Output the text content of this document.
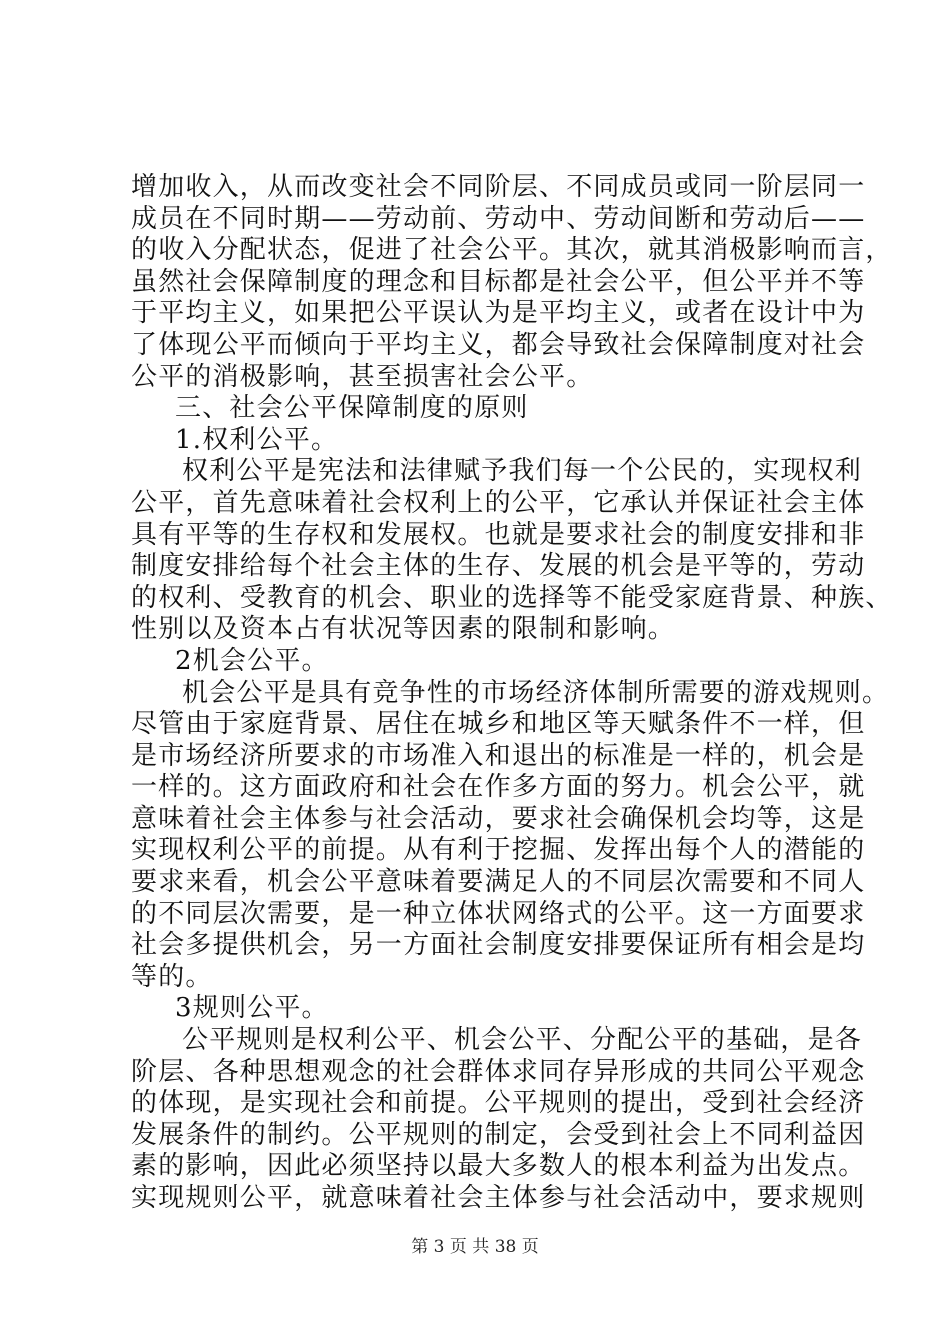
增加收入，从而改变社会不同阶层、不同成员或同一阶层同一
成员在不同时期——劳动前、劳动中、劳动间断和劳动后——
的收入分配状态，促进了社会公平。其次，就其消极影响而言，
虽然社会保障制度的理念和目标都是社会公平，但公平并不等
于平均主义，如果把公平误认为是平均主义，或者在设计中为
了体现公平而倾向于平均主义，都会导致社会保障制度对社会
公平的消极影响，甚至损害社会公平。
三、社会公平保障制度的原则
1.权利公平。
权利公平是宪法和法律赋予我们每一个公民的，实现权利
公平，首先意味着社会权利上的公平，它承认并保证社会主体
具有平等的生存权和发展权。也就是要求社会的制度安排和非
制度安排给每个社会主体的生存、发展的机会是平等的，劳动
的权利、受教育的机会、职业的选择等不能受家庭背景、种族、
性别以及资本占有状况等因素的限制和影响。
2机会公平。
机会公平是具有竞争性的市场经济体制所需要的游戏规则。
尽管由于家庭背景、居住在城乡和地区等天赋条件不一样，但
是市场经济所要求的市场准入和退出的标准是一样的，机会是
一样的。这方面政府和社会在作多方面的努力。机会公平，就
意味着社会主体参与社会活动，要求社会确保机会均等，这是
实现权利公平的前提。从有利于挖掘、发挥出每个人的潜能的
要求来看，机会公平意味着要满足人的不同层次需要和不同人
的不同层次需要，是一种立体状网络式的公平。这一方面要求
社会多提供机会，另一方面社会制度安排要保证所有相会是均
等的。
3规则公平。
公平规则是权利公平、机会公平、分配公平的基础，是各
阶层、各种思想观念的社会群体求同存异形成的共同公平观念
的体现，是实现社会和前提。公平规则的提出，受到社会经济
发展条件的制约。公平规则的制定，会受到社会上不同利益因
素的影响，因此必须坚持以最大多数人的根本利益为出发点。
实现规则公平，就意味着社会主体参与社会活动中，要求规则
第 3 页 共 38 页
